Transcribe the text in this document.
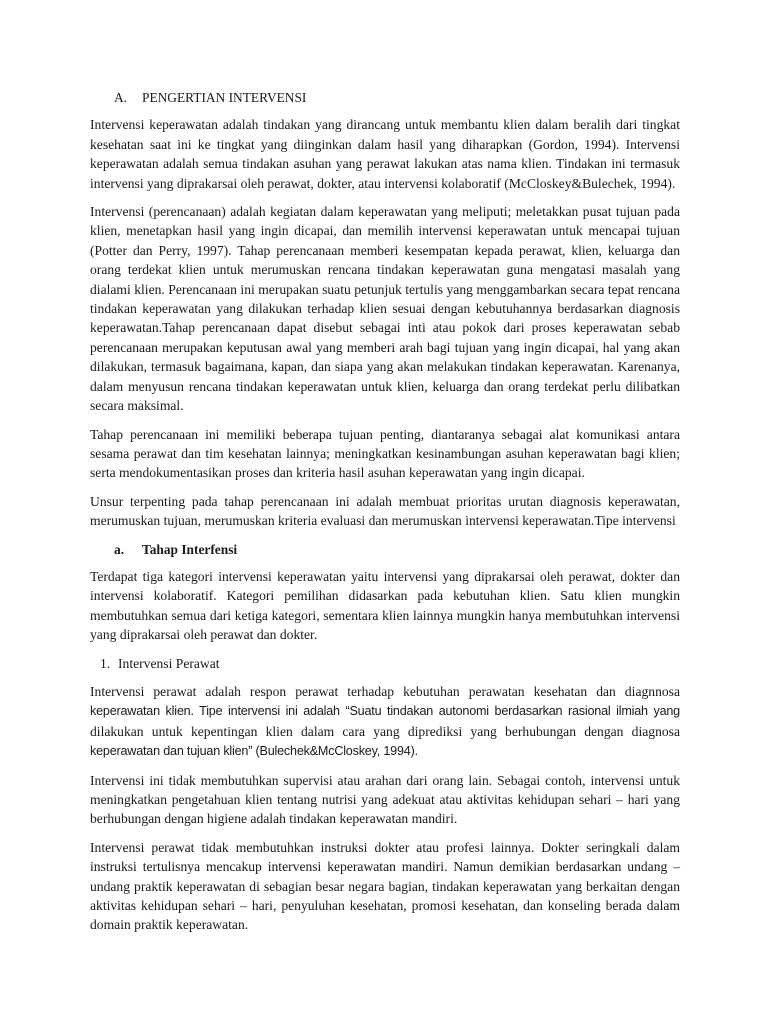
A. PENGERTIAN INTERVENSI

Intervensi keperawatan adalah tindakan yang dirancang untuk membantu klien dalam beralih dari tingkat kesehatan saat ini ke tingkat yang diinginkan dalam hasil yang diharapkan (Gordon, 1994). Intervensi keperawatan adalah semua tindakan asuhan yang perawat lakukan atas nama klien. Tindakan ini termasuk intervensi yang diprakarsai oleh perawat, dokter, atau intervensi kolaboratif (McCloskey&Bulechek, 1994).

Intervensi (perencanaan) adalah kegiatan dalam keperawatan yang meliputi; meletakkan pusat tujuan pada klien, menetapkan hasil yang ingin dicapai, dan memilih intervensi keperawatan untuk mencapai tujuan (Potter dan Perry, 1997). Tahap perencanaan memberi kesempatan kepada perawat, klien, keluarga dan orang terdekat klien untuk merumuskan rencana tindakan keperawatan guna mengatasi masalah yang dialami klien. Perencanaan ini merupakan suatu petunjuk tertulis yang menggambarkan secara tepat rencana tindakan keperawatan yang dilakukan terhadap klien sesuai dengan kebutuhannya berdasarkan diagnosis keperawatan.Tahap perencanaan dapat disebut sebagai inti atau pokok dari proses keperawatan sebab perencanaan merupakan keputusan awal yang memberi arah bagi tujuan yang ingin dicapai, hal yang akan dilakukan, termasuk bagaimana, kapan, dan siapa yang akan melakukan tindakan keperawatan. Karenanya, dalam menyusun rencana tindakan keperawatan untuk klien, keluarga dan orang terdekat perlu dilibatkan secara maksimal.

Tahap perencanaan ini memiliki beberapa tujuan penting, diantaranya sebagai alat komunikasi antara sesama perawat dan tim kesehatan lainnya; meningkatkan kesinambungan asuhan keperawatan bagi klien; serta mendokumentasikan proses dan kriteria hasil asuhan keperawatan yang ingin dicapai.

Unsur terpenting pada tahap perencanaan ini adalah membuat prioritas urutan diagnosis keperawatan, merumuskan tujuan, merumuskan kriteria evaluasi dan merumuskan intervensi keperawatan.Tipe intervensi

a. Tahap Interfensi

Terdapat tiga kategori intervensi keperawatan yaitu intervensi yang diprakarsai oleh perawat, dokter dan intervensi kolaboratif. Kategori pemilihan didasarkan pada kebutuhan klien. Satu klien mungkin membutuhkan semua dari ketiga kategori, sementara klien lainnya mungkin hanya membutuhkan intervensi yang diprakarsai oleh perawat dan dokter.

1. Intervensi Perawat

Intervensi perawat adalah respon perawat terhadap kebutuhan perawatan kesehatan dan diagnnosa keperawatan klien. Tipe intervensi ini adalah “Suatu tindakan autonomi berdasarkan rasional ilmiah yang dilakukan untuk kepentingan klien dalam cara yang diprediksi yang berhubungan dengan diagnosa keperawatan dan tujuan klien” (Bulechek&McCloskey, 1994).

Intervensi ini tidak membutuhkan supervisi atau arahan dari orang lain. Sebagai contoh, intervensi untuk meningkatkan pengetahuan klien tentang nutrisi yang adekuat atau aktivitas kehidupan sehari – hari yang berhubungan dengan higiene adalah tindakan keperawatan mandiri.

Intervensi perawat tidak membutuhkan instruksi dokter atau profesi lainnya. Dokter seringkali dalam instruksi tertulisnya mencakup intervensi keperawatan mandiri. Namun demikian berdasarkan undang – undang praktik keperawatan di sebagian besar negara bagian, tindakan keperawatan yang berkaitan dengan aktivitas kehidupan sehari – hari, penyuluhan kesehatan, promosi kesehatan, dan konseling berada dalam domain praktik keperawatan.
